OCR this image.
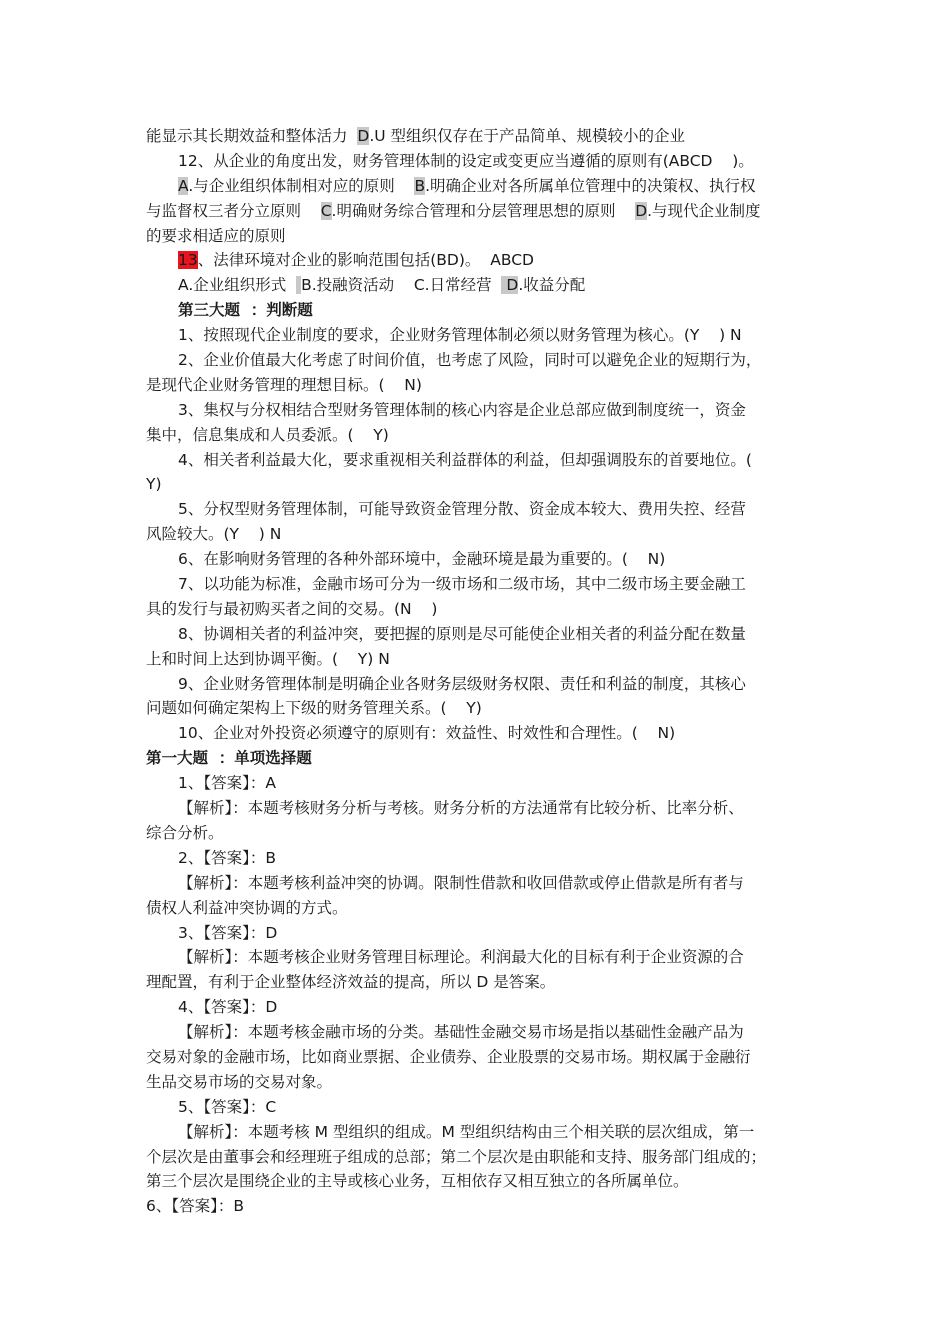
能显示其长期效益和整体活力 D.U 型组织仅存在于产品简单、规模较小的企业
12、从企业的角度出发，财务管理体制的设定或变更应当遵循的原则有(ABCD    )。
A.与企业组织体制相对应的原则    B.明确企业对各所属单位管理中的决策权、执行权
与监督权三者分立原则    C.明确财务综合管理和分层管理思想的原则    D.与现代企业制度
的要求相适应的原则
13、法律环境对企业的影响范围包括(BD)。  ABCD
A.企业组织形式   B.投融资活动    C.日常经营   D.收益分配
第三大题  ：判断题
1、按照现代企业制度的要求，企业财务管理体制必须以财务管理为核心。(Y    ) N
2、企业价值最大化考虑了时间价值，也考虑了风险，同时可以避免企业的短期行为，
是现代企业财务管理的理想目标。(    N)
3、集权与分权相结合型财务管理体制的核心内容是企业总部应做到制度统一，资金
集中，信息集成和人员委派。(    Y)
4、相关者利益最大化，要求重视相关利益群体的利益，但却强调股东的首要地位。(
Y)
5、分权型财务管理体制，可能导致资金管理分散、资金成本较大、费用失控、经营
风险较大。(Y    ) N
6、在影响财务管理的各种外部环境中，金融环境是最为重要的。(    N)
7、以功能为标准，金融市场可分为一级市场和二级市场，其中二级市场主要金融工
具的发行与最初购买者之间的交易。(N    )
8、协调相关者的利益冲突，要把握的原则是尽可能使企业相关者的利益分配在数量
上和时间上达到协调平衡。(    Y) N
9、企业财务管理体制是明确企业各财务层级财务权限、责任和利益的制度，其核心
问题如何确定架构上下级的财务管理关系。(    Y)
10、企业对外投资必须遵守的原则有：效益性、时效性和合理性。(    N)
第一大题  ：单项选择题
1、【答案】：A
【解析】：本题考核财务分析与考核。财务分析的方法通常有比较分析、比率分析、
综合分析。
2、【答案】：B
【解析】：本题考核利益冲突的协调。限制性借款和收回借款或停止借款是所有者与
债权人利益冲突协调的方式。
3、【答案】：D
【解析】：本题考核企业财务管理目标理论。利润最大化的目标有利于企业资源的合
理配置，有利于企业整体经济效益的提高，所以 D 是答案。
4、【答案】：D
【解析】：本题考核金融市场的分类。基础性金融交易市场是指以基础性金融产品为
交易对象的金融市场，比如商业票据、企业债券、企业股票的交易市场。期权属于金融衍
生品交易市场的交易对象。
5、【答案】：C
【解析】：本题考核 M 型组织的组成。M 型组织结构由三个相关联的层次组成，第一
个层次是由董事会和经理班子组成的总部；第二个层次是由职能和支持、服务部门组成的；
第三个层次是围绕企业的主导或核心业务，互相依存又相互独立的各所属单位。
6、【答案】：B
